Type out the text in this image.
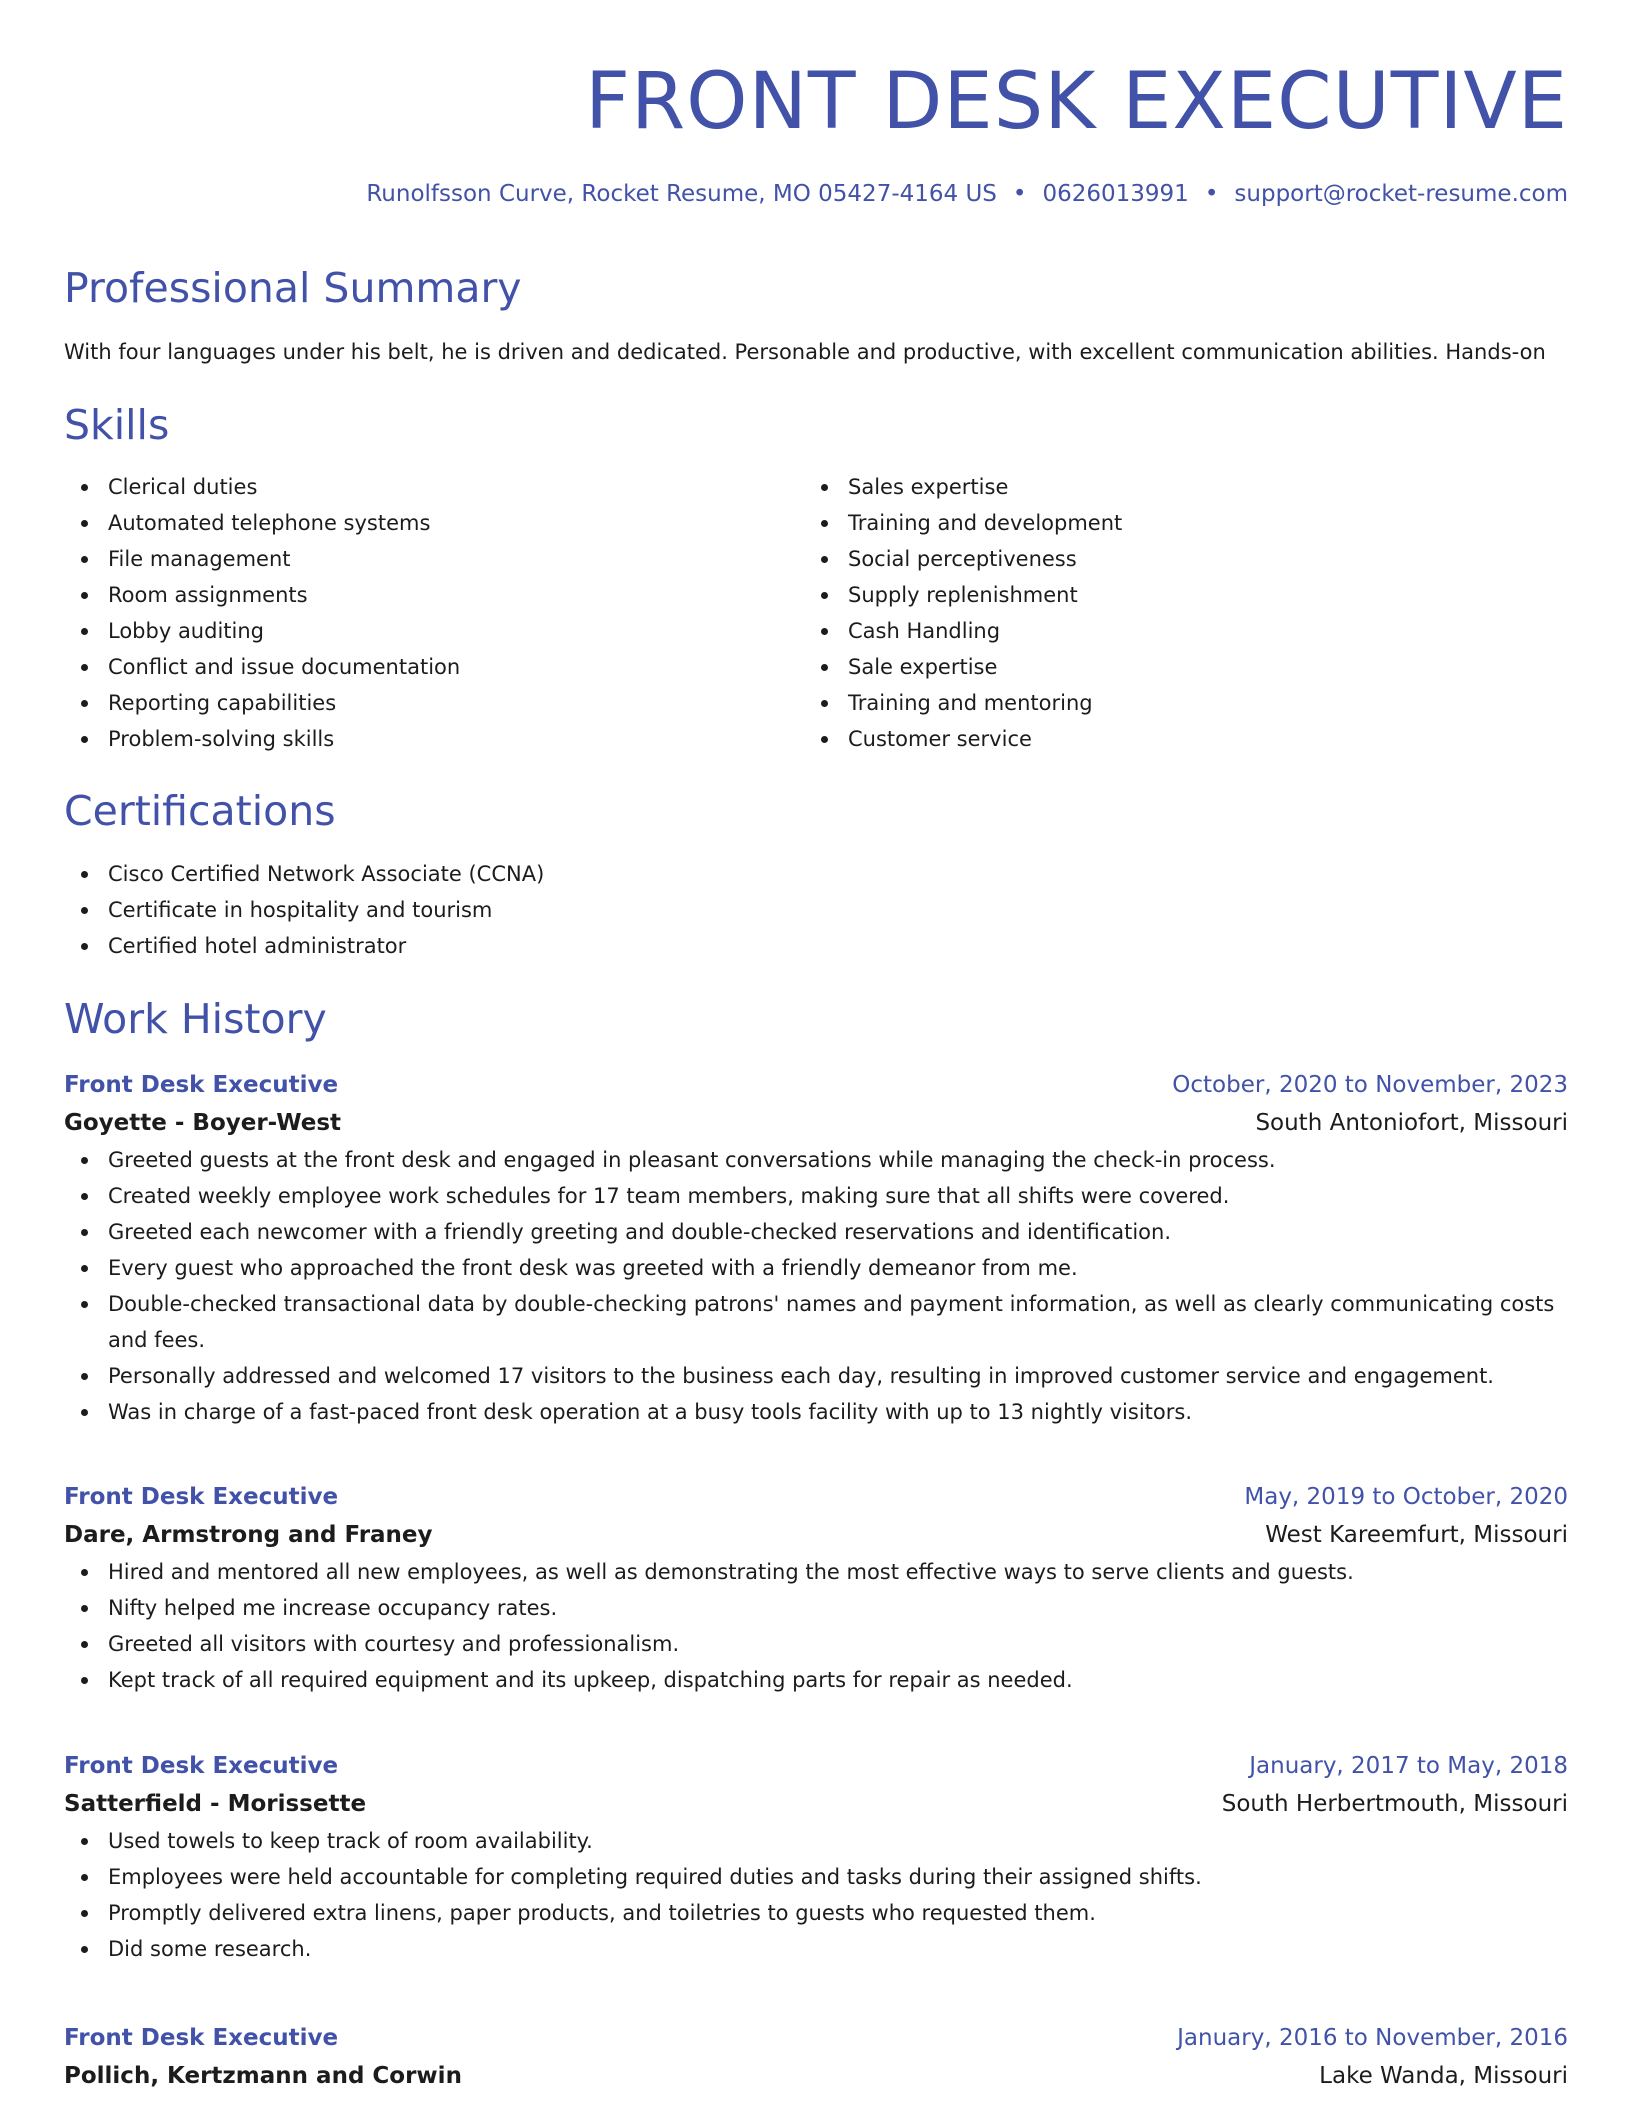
FRONT DESK EXECUTIVE
Runolfsson Curve, Rocket Resume, MO 05427-4164 US • 0626013991 • support@rocket-resume.com
Professional Summary
With four languages under his belt, he is driven and dedicated. Personable and productive, with excellent communication abilities. Hands-on
Skills
Clerical duties
Automated telephone systems
File management
Room assignments
Lobby auditing
Conflict and issue documentation
Reporting capabilities
Problem-solving skills
Sales expertise
Training and development
Social perceptiveness
Supply replenishment
Cash Handling
Sale expertise
Training and mentoring
Customer service
Certifications
Cisco Certified Network Associate (CCNA)
Certificate in hospitality and tourism
Certified hotel administrator
Work History
Front Desk Executive	October, 2020 to November, 2023
Goyette - Boyer-West	South Antoniofort, Missouri
Greeted guests at the front desk and engaged in pleasant conversations while managing the check-in process.
Created weekly employee work schedules for 17 team members, making sure that all shifts were covered.
Greeted each newcomer with a friendly greeting and double-checked reservations and identification.
Every guest who approached the front desk was greeted with a friendly demeanor from me.
Double-checked transactional data by double-checking patrons' names and payment information, as well as clearly communicating costs and fees.
Personally addressed and welcomed 17 visitors to the business each day, resulting in improved customer service and engagement.
Was in charge of a fast-paced front desk operation at a busy tools facility with up to 13 nightly visitors.
Front Desk Executive	May, 2019 to October, 2020
Dare, Armstrong and Franey	West Kareemfurt, Missouri
Hired and mentored all new employees, as well as demonstrating the most effective ways to serve clients and guests.
Nifty helped me increase occupancy rates.
Greeted all visitors with courtesy and professionalism.
Kept track of all required equipment and its upkeep, dispatching parts for repair as needed.
Front Desk Executive	January, 2017 to May, 2018
Satterfield - Morissette	South Herbertmouth, Missouri
Used towels to keep track of room availability.
Employees were held accountable for completing required duties and tasks during their assigned shifts.
Promptly delivered extra linens, paper products, and toiletries to guests who requested them.
Did some research.
Front Desk Executive	January, 2016 to November, 2016
Pollich, Kertzmann and Corwin	Lake Wanda, Missouri
